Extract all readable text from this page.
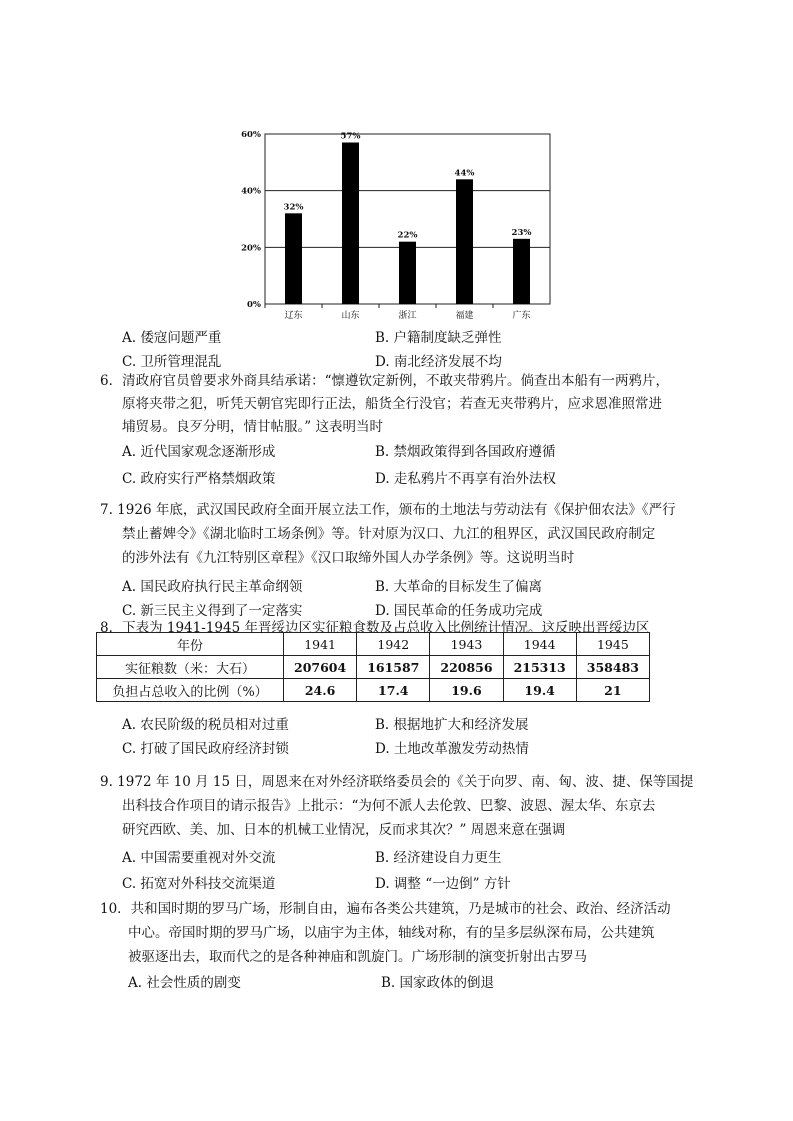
0%
20%
40%
60%
32%
57%
22%
44%
23%
辽东	山东	浙江	福建	广东
A. 倭寇问题严重	B. 户籍制度缺乏弹性
C. 卫所管理混乱	D. 南北经济发展不均
6．清政府官员曾要求外商具结承诺：“懔遵钦定新例，不敢夹带鸦片。倘查出本船有一两鸦片，
原将夹带之犯，听凭天朝官宪即行正法，船货全行没官；若查无夹带鸦片，应求恩准照常进
埔贸易。良歹分明，情甘帖服。” 这表明当时
A. 近代国家观念逐渐形成	B. 禁烟政策得到各国政府遵循
C. 政府实行严格禁烟政策	D. 走私鸦片不再享有治外法权
7. 1926 年底，武汉国民政府全面开展立法工作，颁布的土地法与劳动法有《保护佃农法》《严行
禁止蓄婢令》《湖北临时工场条例》等。针对原为汉口、九江的租界区，武汉国民政府制定
的涉外法有《九江特别区章程》《汉口取缔外国人办学条例》等。这说明当时
A. 国民政府执行民主革命纲领	B. 大革命的目标发生了偏离
C. 新三民主义得到了一定落实	D. 国民革命的任务成功完成
8．下表为 1941-1945 年晋绥边区实征粮食数及占总收入比例统计情况。这反映出晋绥边区
年份	1941	1942	1943	1944	1945
实征粮数（米：大石）	207604	161587	220856	215313	358483
负担占总收入的比例（%）	24.6	17.4	19.6	19.4	21
A. 农民阶级的税员相对过重	B. 根据地扩大和经济发展
C. 打破了国民政府经济封锁	D. 土地改革激发劳动热情
9. 1972 年 10 月 15 日，周恩来在对外经济联络委员会的《关于向罗、南、匈、波、捷、保等国提
出科技合作项目的请示报告》上批示：“为何不派人去伦敦、巴黎、波恩、渥太华、东京去
研究西欧、美、加、日本的机械工业情况，反而求其次？” 周恩来意在强调
A. 中国需要重视对外交流	B. 经济建设自力更生
C. 拓宽对外科技交流渠道	D. 调整 “一边倒” 方针
10．共和国时期的罗马广场，形制自由，遍布各类公共建筑，乃是城市的社会、政治、经济活动
中心。帝国时期的罗马广场，以庙宇为主体，轴线对称，有的呈多层纵深布局，公共建筑
被驱逐出去，取而代之的是各种神庙和凯旋门。广场形制的演变折射出古罗马
A. 社会性质的剧变	B. 国家政体的倒退
